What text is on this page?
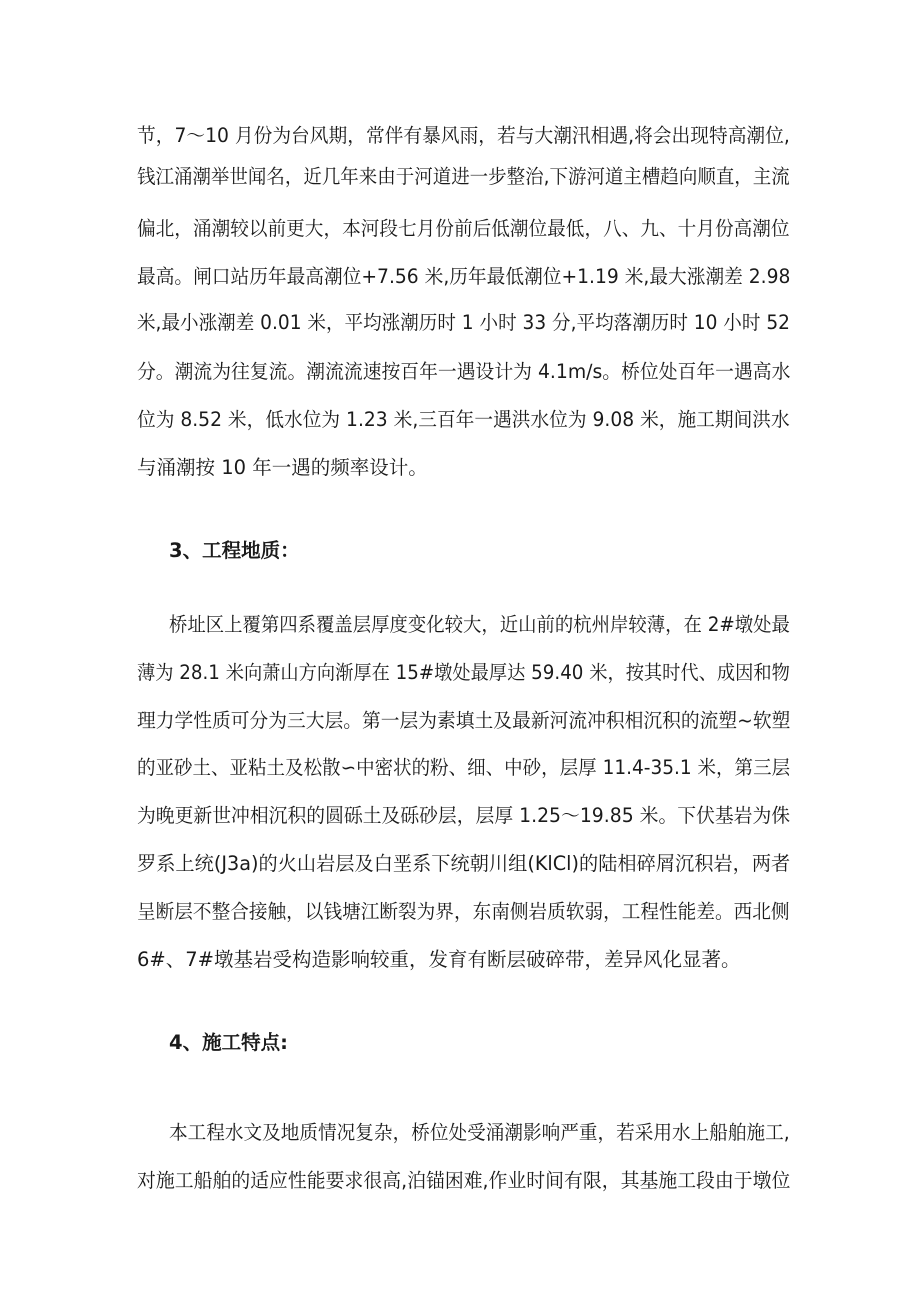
节，7～10 月份为台风期，常伴有暴风雨，若与大潮汛相遇,将会出现特高潮位,
钱江涌潮举世闻名，近几年来由于河道进一步整治,下游河道主槽趋向顺直，主流
偏北，涌潮较以前更大，本河段七月份前后低潮位最低，八、九、十月份高潮位
最高。闸口站历年最高潮位+7.56 米,历年最低潮位+1.19 米,最大涨潮差 2.98
米,最小涨潮差 0.01 米，平均涨潮历时 1 小时 33 分,平均落潮历时 10 小时 52
分。潮流为往复流。潮流流速按百年一遇设计为 4.1m∕s。桥位处百年一遇高水
位为 8.52 米，低水位为 1.23 米,三百年一遇洪水位为 9.08 米，施工期间洪水
与涌潮按 10 年一遇的频率设计。
3、工程地质：
桥址区上覆第四系覆盖层厚度变化较大，近山前的杭州岸较薄，在 2#墩处最
薄为 28.1 米向萧山方向渐厚在 15#墩处最厚达 59.40 米，按其时代、成因和物
理力学性质可分为三大层。第一层为素填土及最新河流冲积相沉积的流塑~软塑
的亚砂土、亚粘土及松散∽中密状的粉、细、中砂，层厚 11.4-35.1 米，第三层
为晚更新世冲相沉积的圆砾土及砾砂层，层厚 1.25～19.85 米。下伏基岩为侏
罗系上统(J3a)的火山岩层及白垩系下统朝川组(KlCl)的陆相碎屑沉积岩，两者
呈断层不整合接触，以钱塘江断裂为界，东南侧岩质软弱，工程性能差。西北侧
6#、7#墩基岩受构造影响较重，发育有断层破碎带，差异风化显著。
4、施工特点:
本工程水文及地质情况复杂，桥位处受涌潮影响严重，若采用水上船舶施工,
对施工船舶的适应性能要求很高,泊锚困难,作业时间有限，其基施工段由于墩位
